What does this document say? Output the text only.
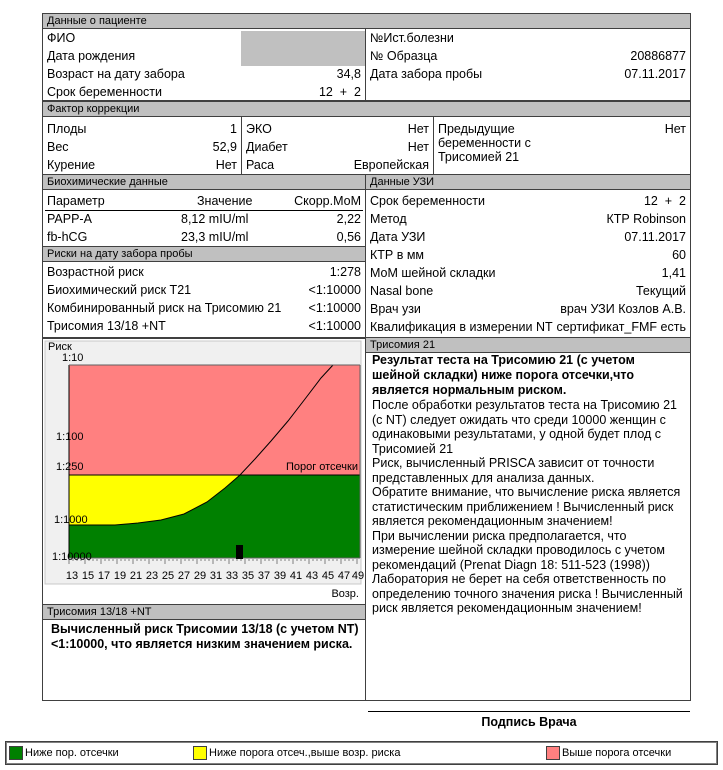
Данные о пациенте
ФИО
Дата рождения
Возраст на дату забора	34,8
Срок беременности	12  +  2
№Ист.болезни
№ Образца	20886877
Дата забора пробы	07.11.2017
Фактор коррекции
Плоды	1
Вес	52,9
Курение	Нет
ЭКО	Нет
Диабет	Нет
Раса	Европейская
Предыдущие
беременности с
Трисомией 21
Нет
Биохимические данные
Параметр	Значение	Скорр.МоМ
PAPP-A	8,12 mIU/ml	2,22
fb-hCG	23,3 mIU/ml	0,56
Риски на дату забора пробы
Возрастной риск	1:278
Биохимический риск Т21	<1:10000
Комбинированный риск на Трисомию 21 <1:10000
Трисомия 13/18 +NT	<1:10000
Данные УЗИ
Срок беременности	12  +  2
Метод	КТР Robinson
Дата УЗИ	07.11.2017
КТР в мм	60
МоМ шейной складки	1,41
Nasal bone	Текущий
Врач узи	врач УЗИ Козлов А.В.
Квалификация в измерении NT сертификат_FMF есть
Риск
1:10
1:100
1:250
1:1000
1:10000
Порог отсечки
13 15 17 19 21 23 25 27 29 31 33 35 37 39 41 43 45 47 49
Возр.
Трисомия 21
Результат теста на Трисомию 21 (с учетом шейной складки) ниже порога отсечки,что является нормальным риском.
После обработки результатов теста на Трисомию 21 (с NT) следует ожидать что среди 10000 женщин с одинаковыми результатами, у одной будет плод с Трисомией 21
Риск, вычисленный PRISCA зависит от точности представленных для анализа данных.
Обратите внимание, что вычисление риска является статистическим приближением ! Вычисленный риск является рекомендационным значением!
При вычислении риска предполагается, что измерение шейной складки проводилось с учетом рекомендаций (Prenat Diagn 18: 511-523 (1998))
Лаборатория не берет на себя ответственность по определению точного значения риска ! Вычисленный риск является рекомендационным значением!
Трисомия 13/18 +NT
Вычисленный риск Трисомии 13/18 (с учетом NT) <1:10000, что является низким значением риска.
Подпись Врача
Ниже пор. отсечки	Ниже порога отсеч.,выше возр. риска	Выше порога отсечки
